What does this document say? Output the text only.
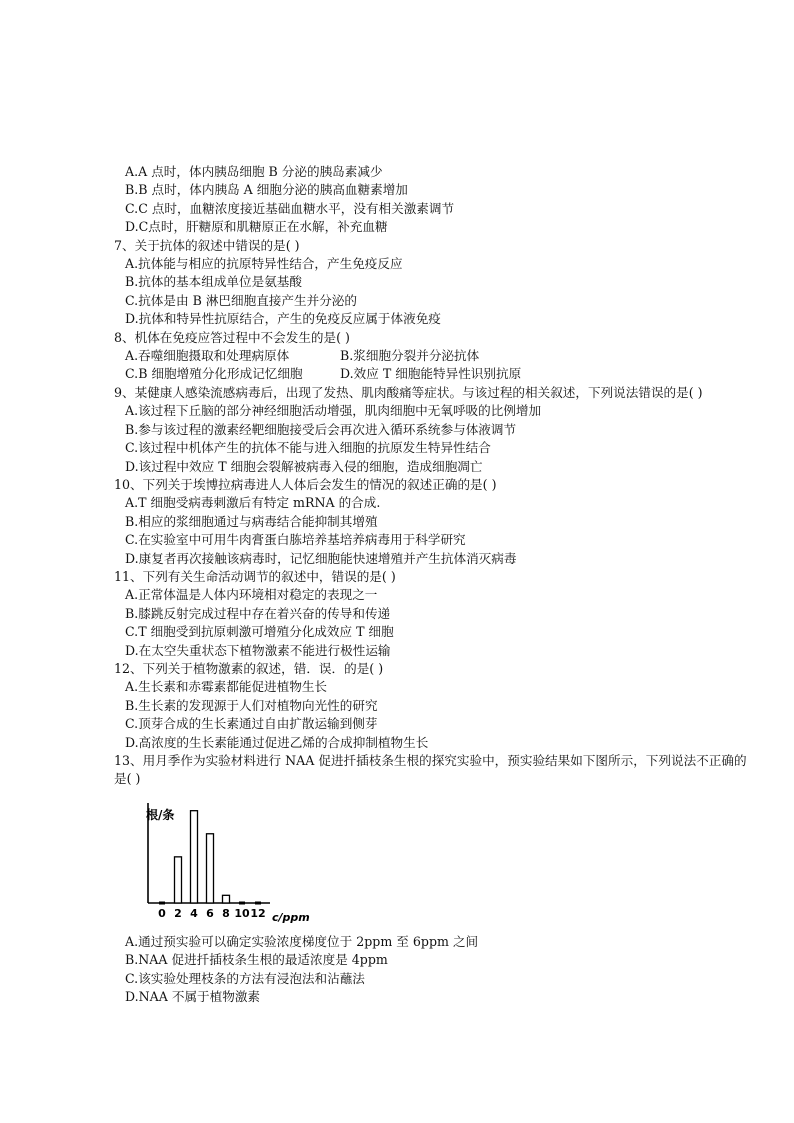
A.A 点时，体内胰岛细胞 B 分泌的胰岛素减少
B.B 点时，体内胰岛 A 细胞分泌的胰高血糖素增加
C.C 点时，血糖浓度接近基础血糖水平，没有相关激素调节
D.C点时，肝糖原和肌糖原正在水解，补充血糖
7、关于抗体的叙述中错误的是( )
A.抗体能与相应的抗原特异性结合，产生免疫反应
B.抗体的基本组成单位是氨基酸
C.抗体是由 B 淋巴细胞直接产生并分泌的
D.抗体和特异性抗原结合，产生的免疫反应属于体液免疫
8、机体在免疫应答过程中不会发生的是( )
A.吞噬细胞摄取和处理病原体	B.浆细胞分裂并分泌抗体
C.B 细胞增殖分化形成记忆细胞	D.效应 T 细胞能特异性识别抗原
9、某健康人感染流感病毒后，出现了发热、肌肉酸痛等症状。与该过程的相关叙述，下列说法错误的是( )
A.该过程下丘脑的部分神经细胞活动增强，肌肉细胞中无氧呼吸的比例增加
B.参与该过程的激素经靶细胞接受后会再次进入循环系统参与体液调节
C.该过程中机体产生的抗体不能与进入细胞的抗原发生特异性结合
D.该过程中效应 T 细胞会裂解被病毒入侵的细胞，造成细胞凋亡
10、下列关于埃博拉病毒进人人体后会发生的情况的叙述正确的是( )
A.T 细胞受病毒刺激后有特定 mRNA 的合成.
B.相应的浆细胞通过与病毒结合能抑制其增殖
C.在实验室中可用牛肉膏蛋白胨培养基培养病毒用于科学研究
D.康复者再次接触该病毒时，记忆细胞能快速增殖并产生抗体消灭病毒
11、下列有关生命活动调节的叙述中，错误的是( )
A.正常体温是人体内环境相对稳定的表现之一
B.膝跳反射完成过程中存在着兴奋的传导和传递
C.T 细胞受到抗原刺激可增殖分化成效应 T 细胞
D.在太空失重状态下植物激素不能进行极性运输
12、下列关于植物激素的叙述，错．误．的是( )
A.生长素和赤霉素都能促进植物生长
B.生长素的发现源于人们对植物向光性的研究
C.顶芽合成的生长素通过自由扩散运输到侧芽
D.高浓度的生长素能通过促进乙烯的合成抑制植物生长
13、用月季作为实验材料进行 NAA 促进扦插枝条生根的探究实验中，预实验结果如下图所示，下列说法不正确的是( )
0 2 4 6 8 10 12
根/条
c/ppm
A.通过预实验可以确定实验浓度梯度位于 2ppm 至 6ppm 之间
B.NAA 促进扦插枝条生根的最适浓度是 4ppm
C.该实验处理枝条的方法有浸泡法和沾蘸法
D.NAA 不属于植物激素
